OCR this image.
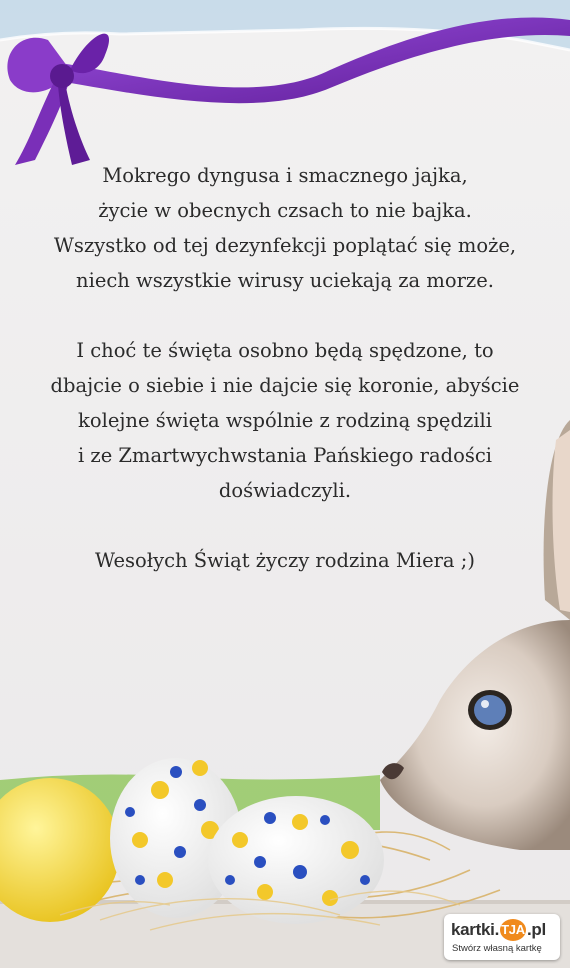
Mokrego dyngusa i smacznego jajka,

życie w obecnych czsach to nie bajka.

Wszystko od tej dezynfekcji poplątać się może,

niech wszystkie wirusy uciekają za morze.

I choć te święta osobno będą spędzone, to

dbajcie o siebie i nie dajcie się koronie, abyście

kolejne święta wspólnie z rodziną spędzili

i ze Zmartwychwstania Pańskiego radości

doświadczyli.

Wesołych Świąt życzy rodzina Miera ;)

kartki. TJA .pl
Stwórz własną kartkę
